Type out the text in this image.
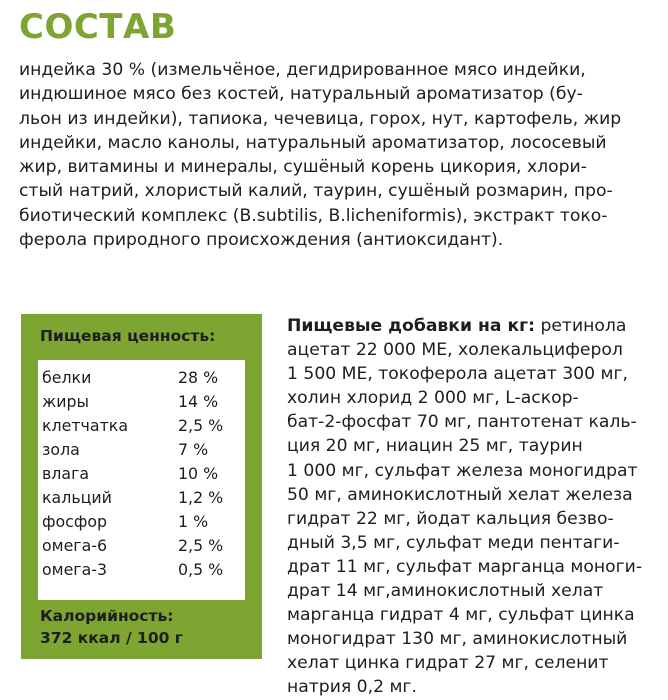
СОСТАВ
индейка 30 % (измельчёное, дегидрированное мясо индейки,
индюшиное мясо без костей, натуральный ароматизатор (бу-
льон из индейки), тапиока, чечевица, горох, нут, картофель, жир
индейки, масло канолы, натуральный ароматизатор, лососевый
жир, витамины и минералы, сушёный корень цикория, хлори-
стый натрий, хлористый калий, таурин, сушёный розмарин, про-
биотический комплекс (B.subtilis, B.licheniformis), экстракт токо-
ферола природного происхождения (антиоксидант).
Пищевая ценность:
белки	28 %
жиры	14 %
клетчатка	2,5 %
зола	7 %
влага	10 %
кальций	1,2 %
фосфор	1 %
омега-6	2,5 %
омега-3	0,5 %
Калорийность:
372 ккал / 100 г
Пищевые добавки на кг: ретинола
ацетат 22 000 МЕ, холекальциферол
1 500 МЕ, токоферола ацетат 300 мг,
холин хлорид 2 000 мг, L-аскор-
бат-2-фосфат 70 мг, пантотенат каль-
ция 20 мг, ниацин 25 мг, таурин
1 000 мг, сульфат железа моногидрат
50 мг, аминокислотный хелат железа
гидрат 22 мг, йодат кальция безво-
дный 3,5 мг, сульфат меди пентаги-
драт 11 мг, сульфат марганца моноги-
драт 14 мг,аминокислотный хелат
марганца гидрат 4 мг, сульфат цинка
моногидрат 130 мг, аминокислотный
хелат цинка гидрат 27 мг, селенит
натрия 0,2 мг.
